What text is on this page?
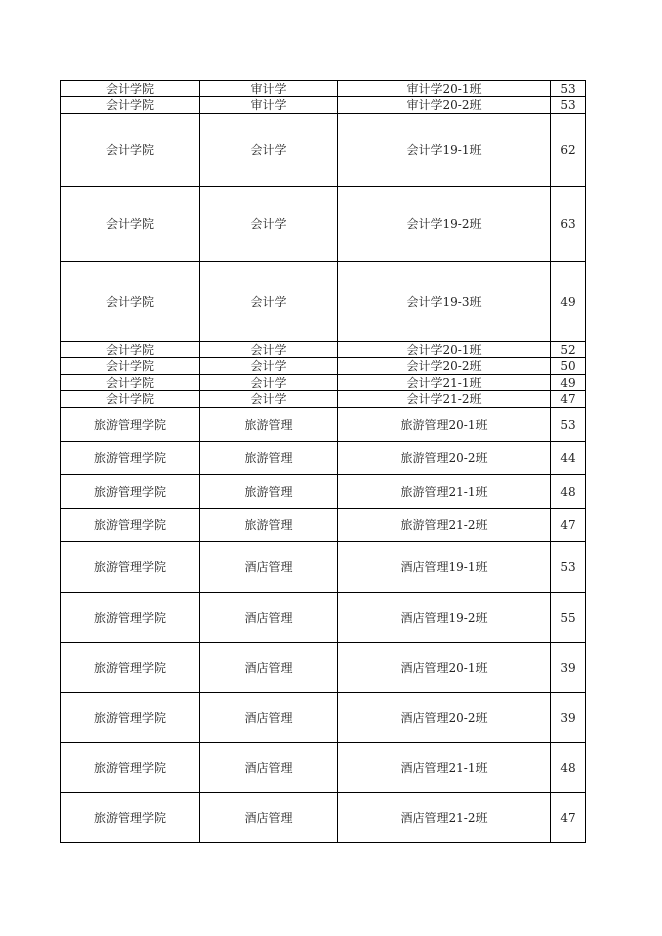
会计学院	审计学	审计学20-1班	53
会计学院	审计学	审计学20-2班	53
会计学院	会计学	会计学19-1班	62
会计学院	会计学	会计学19-2班	63
会计学院	会计学	会计学19-3班	49
会计学院	会计学	会计学20-1班	52
会计学院	会计学	会计学20-2班	50
会计学院	会计学	会计学21-1班	49
会计学院	会计学	会计学21-2班	47
旅游管理学院	旅游管理	旅游管理20-1班	53
旅游管理学院	旅游管理	旅游管理20-2班	44
旅游管理学院	旅游管理	旅游管理21-1班	48
旅游管理学院	旅游管理	旅游管理21-2班	47
旅游管理学院	酒店管理	酒店管理19-1班	53
旅游管理学院	酒店管理	酒店管理19-2班	55
旅游管理学院	酒店管理	酒店管理20-1班	39
旅游管理学院	酒店管理	酒店管理20-2班	39
旅游管理学院	酒店管理	酒店管理21-1班	48
旅游管理学院	酒店管理	酒店管理21-2班	47
